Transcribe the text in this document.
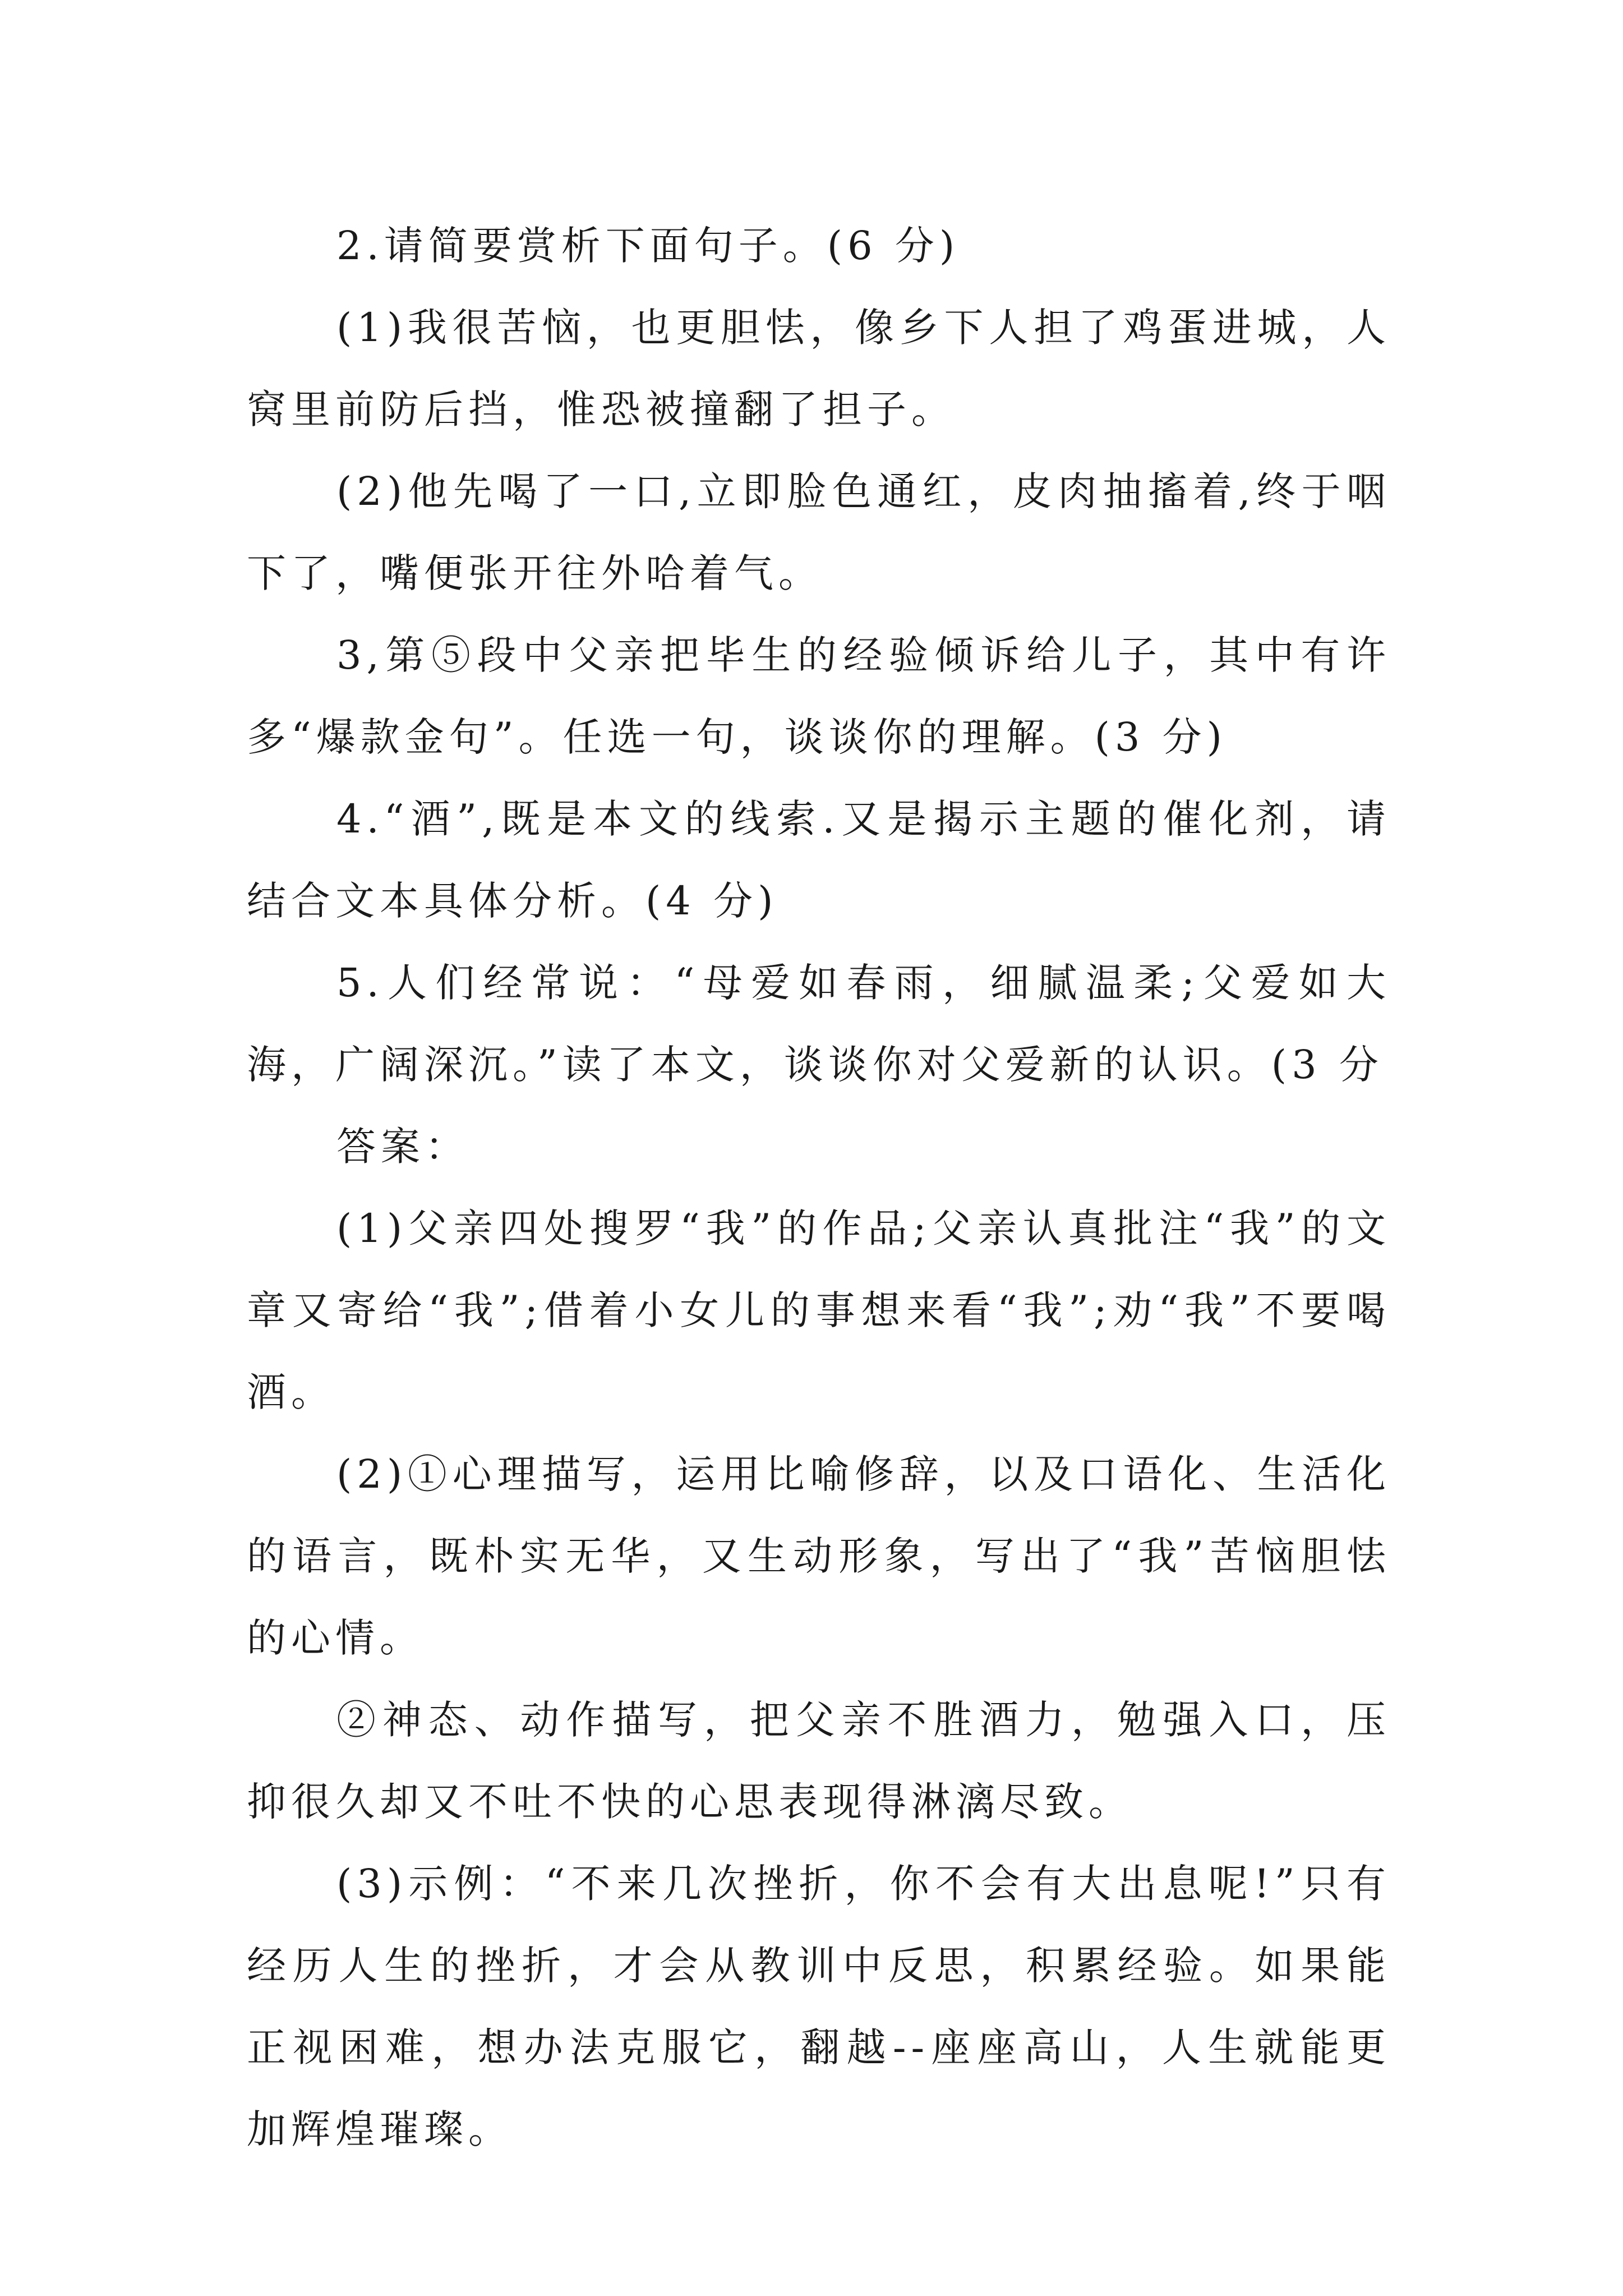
2.请简要赏析下面句子。(6 分)

(1)我很苦恼，也更胆怯，像乡下人担了鸡蛋进城，人窝里前防后挡，惟恐被撞翻了担子。

(2)他先喝了一口,立即脸色通红，皮肉抽搐着,终于咽下了，嘴便张开往外哈着气。

3,第⑤段中父亲把毕生的经验倾诉给儿子，其中有许多“爆款金句”。任选一句，谈谈你的理解。(3 分)

4.“酒”,既是本文的线索.又是揭示主题的催化剂，请结合文本具体分析。(4 分)

5.人们经常说：“母爱如春雨，细腻温柔;父爱如大海，广阔深沉。”读了本文，谈谈你对父爱新的认识。(3 分

答案：

(1)父亲四处搜罗“我”的作品;父亲认真批注“我”的文章又寄给“我”;借着小女儿的事想来看“我”;劝“我”不要喝酒。

(2)①心理描写，运用比喻修辞，以及口语化、生活化的语言，既朴实无华，又生动形象，写出了“我”苦恼胆怯的心情。

②神态、动作描写，把父亲不胜酒力，勉强入口，压抑很久却又不吐不快的心思表现得淋漓尽致。

(3)示例：“不来几次挫折，你不会有大出息呢!”只有经历人生的挫折，才会从教训中反思，积累经验。如果能正视困难，想办法克服它，翻越--座座高山，人生就能更加辉煌璀璨。
